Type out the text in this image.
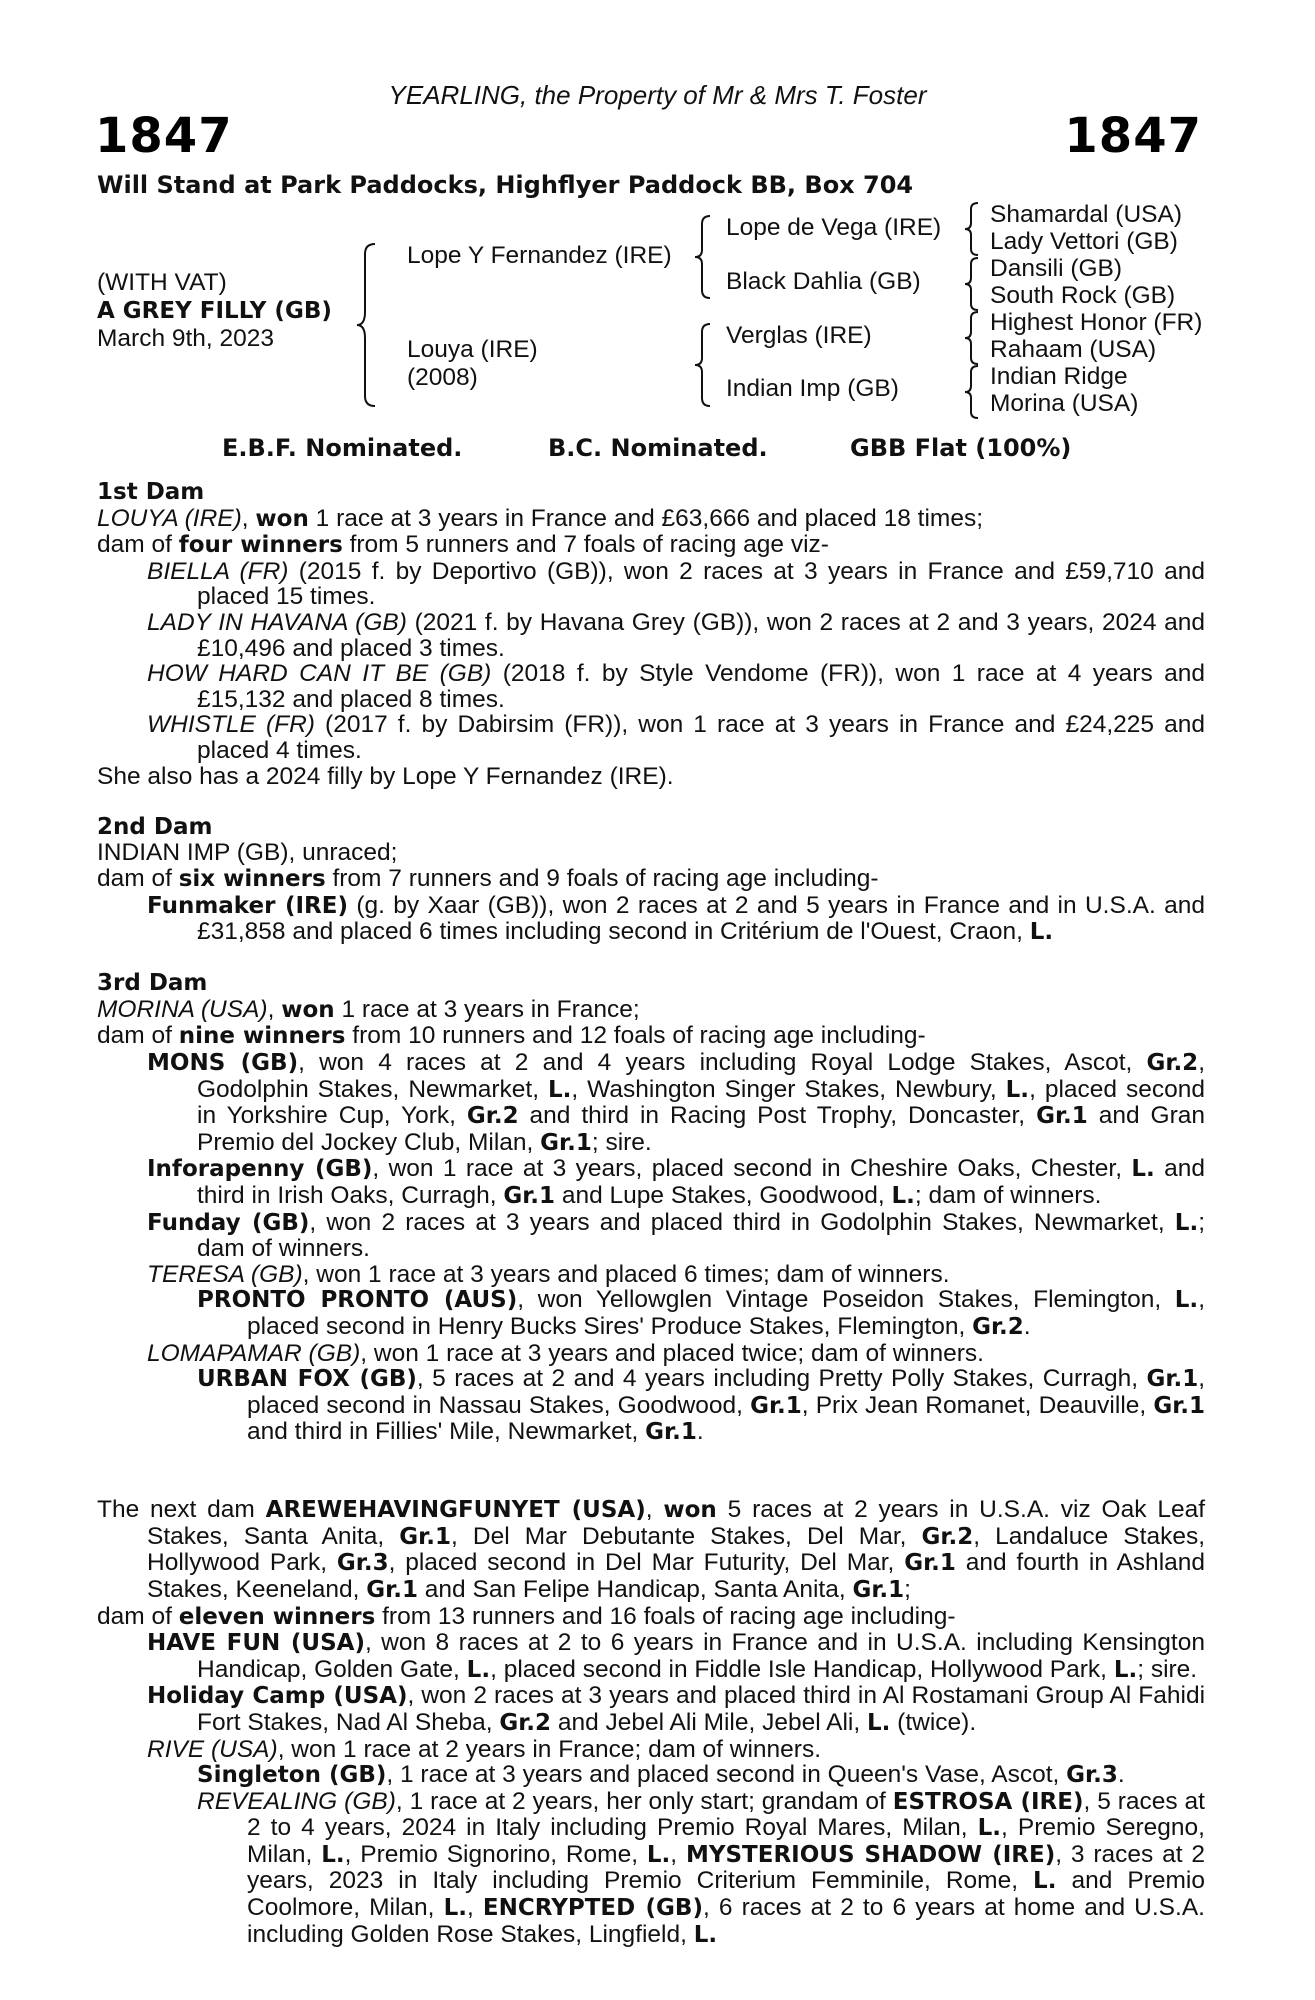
1847
YEARLING, the Property of Mr & Mrs T. Foster
1847
Will Stand at Park Paddocks, Highflyer Paddock BB, Box 704
(WITH VAT)
A GREY FILLY (GB)
March 9th, 2023
Lope Y Fernandez (IRE)
Louya (IRE)
(2008)
Lope de Vega (IRE)
Black Dahlia (GB)
Verglas (IRE)
Indian Imp (GB)
Shamardal (USA)
Lady Vettori (GB)
Dansili (GB)
South Rock (GB)
Highest Honor (FR)
Rahaam (USA)
Indian Ridge
Morina (USA)
E.B.F. Nominated.	B.C. Nominated.	GBB Flat (100%)

1st Dam

LOUYA (IRE), won 1 race at 3 years in France and £63,666 and placed 18 times;

dam of four winners from 5 runners and 7 foals of racing age viz-

BIELLA (FR) (2015 f. by Deportivo (GB)), won 2 races at 3 years in France and £59,710 and placed 15 times.

LADY IN HAVANA (GB) (2021 f. by Havana Grey (GB)), won 2 races at 2 and 3 years, 2024 and £10,496 and placed 3 times.

HOW HARD CAN IT BE (GB) (2018 f. by Style Vendome (FR)), won 1 race at 4 years and £15,132 and placed 8 times.

WHISTLE (FR) (2017 f. by Dabirsim (FR)), won 1 race at 3 years in France and £24,225 and placed 4 times.

She also has a 2024 filly by Lope Y Fernandez (IRE).

2nd Dam

INDIAN IMP (GB), unraced;

dam of six winners from 7 runners and 9 foals of racing age including-

Funmaker (IRE) (g. by Xaar (GB)), won 2 races at 2 and 5 years in France and in U.S.A. and £31,858 and placed 6 times including second in Critérium de l'Ouest, Craon, L.

3rd Dam

MORINA (USA), won 1 race at 3 years in France;

dam of nine winners from 10 runners and 12 foals of racing age including-

MONS (GB), won 4 races at 2 and 4 years including Royal Lodge Stakes, Ascot, Gr.2, Godolphin Stakes, Newmarket, L., Washington Singer Stakes, Newbury, L., placed second in Yorkshire Cup, York, Gr.2 and third in Racing Post Trophy, Doncaster, Gr.1 and Gran Premio del Jockey Club, Milan, Gr.1; sire.

Inforapenny (GB), won 1 race at 3 years, placed second in Cheshire Oaks, Chester, L. and third in Irish Oaks, Curragh, Gr.1 and Lupe Stakes, Goodwood, L.; dam of winners.

Funday (GB), won 2 races at 3 years and placed third in Godolphin Stakes, Newmarket, L.; dam of winners.

TERESA (GB), won 1 race at 3 years and placed 6 times; dam of winners.

PRONTO PRONTO (AUS), won Yellowglen Vintage Poseidon Stakes, Flemington, L., placed second in Henry Bucks Sires' Produce Stakes, Flemington, Gr.2.

LOMAPAMAR (GB), won 1 race at 3 years and placed twice; dam of winners.

URBAN FOX (GB), 5 races at 2 and 4 years including Pretty Polly Stakes, Curragh, Gr.1, placed second in Nassau Stakes, Goodwood, Gr.1, Prix Jean Romanet, Deauville, Gr.1 and third in Fillies' Mile, Newmarket, Gr.1.

The next dam AREWEHAVINGFUNYET (USA), won 5 races at 2 years in U.S.A. viz Oak Leaf Stakes, Santa Anita, Gr.1, Del Mar Debutante Stakes, Del Mar, Gr.2, Landaluce Stakes, Hollywood Park, Gr.3, placed second in Del Mar Futurity, Del Mar, Gr.1 and fourth in Ashland Stakes, Keeneland, Gr.1 and San Felipe Handicap, Santa Anita, Gr.1;

dam of eleven winners from 13 runners and 16 foals of racing age including-

HAVE FUN (USA), won 8 races at 2 to 6 years in France and in U.S.A. including Kensington Handicap, Golden Gate, L., placed second in Fiddle Isle Handicap, Hollywood Park, L.; sire.

Holiday Camp (USA), won 2 races at 3 years and placed third in Al Rostamani Group Al Fahidi Fort Stakes, Nad Al Sheba, Gr.2 and Jebel Ali Mile, Jebel Ali, L. (twice).

RIVE (USA), won 1 race at 2 years in France; dam of winners.

Singleton (GB), 1 race at 3 years and placed second in Queen's Vase, Ascot, Gr.3.

REVEALING (GB), 1 race at 2 years, her only start; grandam of ESTROSA (IRE), 5 races at 2 to 4 years, 2024 in Italy including Premio Royal Mares, Milan, L., Premio Seregno, Milan, L., Premio Signorino, Rome, L., MYSTERIOUS SHADOW (IRE), 3 races at 2 years, 2023 in Italy including Premio Criterium Femminile, Rome, L. and Premio Coolmore, Milan, L., ENCRYPTED (GB), 6 races at 2 to 6 years at home and U.S.A. including Golden Rose Stakes, Lingfield, L.
